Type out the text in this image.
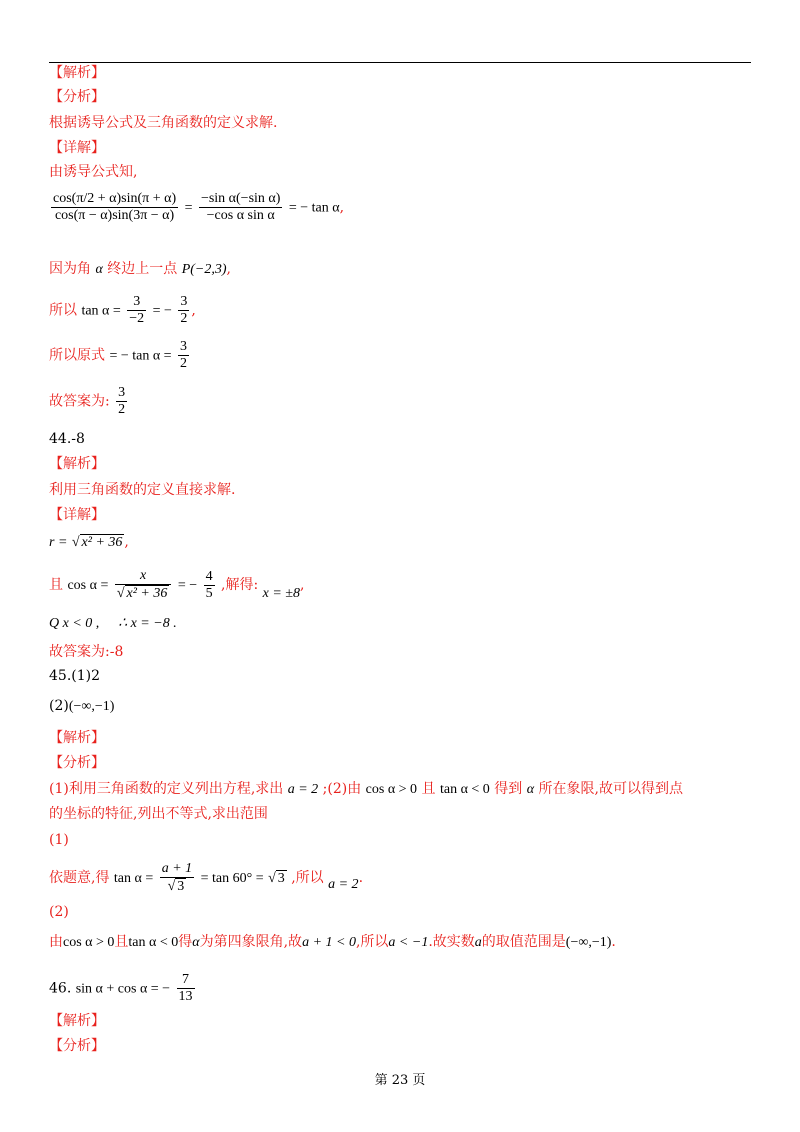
【解析】
【分析】
根据诱导公式及三角函数的定义求解.
【详解】
由诱导公式知,
$\frac{\cos(\pi/2 + \alpha)\sin(\pi + \alpha)}{\cos(\pi - \alpha)\sin(3\pi - \alpha)} = \frac{\text{−sin α(−sin α)}}{\text{−cos α sin α}}$ = − tan α,
因为角 α 终边上一点 P(−2,3),
所以 $\tan \alpha = \frac{3}{-2}$ = − $\frac{3}{2}$ ,
所以原式 = − $\tan \alpha = \frac{3}{2}$
故答案为: $\frac{3}{2}$
44.-8
【解析】
利用三角函数的定义直接求解.
【详解】
r = √ x² + 36 ,
且 $\cos \alpha = \frac{x}{\text{√ x² + 36}}$ = − $\frac{4}{5}$ ,解得: x = ±8,
Q x < 0 , ∴ x = −8 .
故答案为:-8
45.(1)2
(2)(−∞,−1)
【解析】
【分析】
(1)利用三角函数的定义列出方程,求出 a = 2 ;(2)由 cos α > 0 且 tan α < 0 得到 α 所在象限,故可以得到点
的坐标的特征,列出不等式,求出范围
(1)
依题意,得 $\tan \alpha = \frac{a + 1}{√ 3} = \tan 60^\circ$ = √ 3 ,所以 a = 2.
(2)
由cos α > 0且tan α < 0得α为第四象限角,故a + 1 < 0,所以a < −1.故实数a的取值范围是(−∞,−1).
46. sin α + cos α = − $\frac{7}{13}$
【解析】
【分析】
第 23 页
